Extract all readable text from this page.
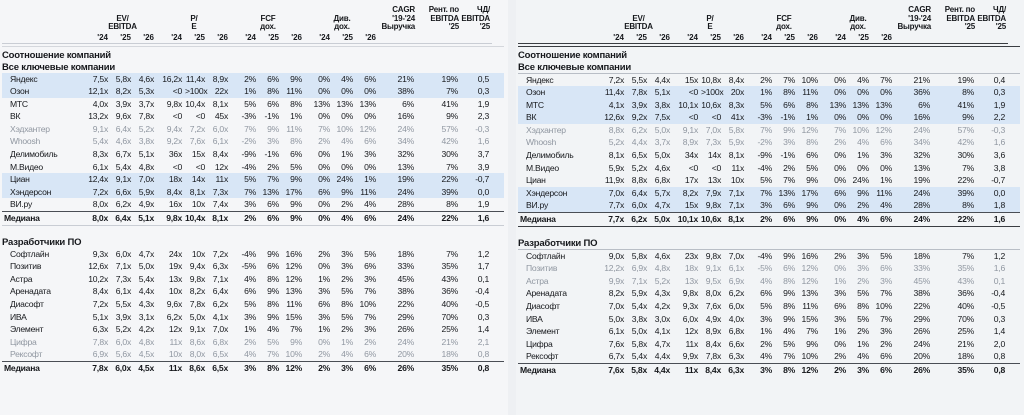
EV/
EBITDA
P/
E
FCF
дох.
Див.
дох.
CAGR
'19-'24
Выручка
Рент. по
EBITDA
'25
ЧД/
EBITDA
'25
'24	'25	'26	'24	'25	'26	'24	'25	'26	'24	'25	'26
Соотношение компаний
Все ключевые компании
Яндекс	7,5x 5,8x 4,6x 16,2x 11,4x 8,9x	2%	6%	9%	0%	4%	6%	21%	19%	0,5
Озон	12,1x 8,2x 5,3x	<0 >100x 22x	1%	8% 11%	0%	0%	0%	38%	7%	0,3
МТС	4,0x 3,9x 3,7x	9,8x 10,4x 8,1x	5%	6%	8%	13% 13% 13%	6%	41%	1,9
ВК	13,2x 9,6x 7,8x	<0	<0	45x	-3% -1%	1%	0%	0%	0%	16%	9%	2,3
Хэдхантер	9,1x 6,4x 5,2x	9,4x 7,2x 6,0x	7%	9% 11%	7% 10% 12%	24%	57%	-0,3
Whoosh	5,4x 4,6x 3,8x	9,2x 7,6x 6,1x	-2%	3%	8%	2%	4%	6%	34%	42%	1,6
Делимобиль	8,3x 6,7x 5,1x	36x	15x 8,4x	-9% -1%	6%	0%	1%	3%	32%	30%	3,7
М.Видео	6,1x 5,4x 4,8x	<0	<0	12x	-4%	2%	5%	0%	0%	0%	13%	7%	3,9
Циан	12,4x 9,1x 7,0x	18x	14x	11x	5%	7%	9%	0% 24%	1%	19%	22%	-0,7
Хэндерсон	7,2x 6,6x 5,9x	8,4x 8,1x 7,3x	7% 13% 17%	6%	9% 11%	24%	39%	0,0
ВИ.ру	8,0x 6,2x 4,9x	16x	10x 7,4x	3%	6%	9%	0%	2%	4%	28%	8%	1,9
Медиана	8,0x 6,4x 5,1x	9,8x 10,4x 8,1x	2%	6%	9%	0%	4%	6%	24%	22%	1,6
Разработчики ПО
Софтлайн	9,3x 6,0x 4,7x	24x	10x 7,2x	-4%	9% 16%	2%	3%	5%	18%	7%	1,2
Позитив	12,6x 7,1x 5,0x	19x 9,4x 6,3x	-5%	6% 12%	0%	3%	6%	33%	35%	1,7
Астра	10,2x 7,3x 5,4x	13x 9,8x 7,1x	4%	8% 12%	1%	2%	3%	45%	43%	0,1
Аренадата	8,4x 6,1x 4,4x	10x 8,2x 6,4x	6%	9% 13%	3%	5%	7%	38%	36%	-0,4
Диасофт	7,2x 5,5x 4,3x	9,6x 7,8x 6,2x	5%	8% 11%	6%	8% 10%	22%	40%	-0,5
ИВА	5,1x 3,9x 3,1x	6,2x 5,0x 4,1x	3%	9% 15%	3%	5%	7%	29%	70%	0,3
Элемент	6,3x 5,2x 4,2x	12x 9,1x 7,0x	1%	4%	7%	1%	2%	3%	26%	25%	1,4
Цифра	7,8x 6,0x 4,8x	11x 8,6x 6,8x	2%	5%	9%	0%	1%	2%	24%	21%	2,1
Рексофт	6,9x 5,6x 4,5x	10x 8,0x 6,5x	4%	7% 10%	2%	4%	6%	20%	18%	0,8
Медиана	7,8x 6,0x 4,5x	11x 8,6x 6,5x	3%	8% 12%	2%	3%	6%	26%	35%	0,8
EV/
EBITDA
P/
E
FCF
дох.
Див.
дох.
CAGR
'19-'24
Выручка
Рент. по
EBITDA
'25
ЧД/
EBITDA
'25
'24	'25	'26	'24	'25	'26	'24	'25	'26	'24	'25	'26
Соотношение компаний
Все ключевые компании
Яндекс	7,2x 5,5x 4,4x	15x 10,8x 8,4x	2%	7% 10%	0%	4%	7%	21%	19%	0,4
Озон	11,4x 7,8x 5,1x	<0 >100x 20x	1%	8% 11%	0%	0%	0%	36%	8%	0,3
МТС	4,1x 3,9x 3,8x 10,1x 10,6x 8,3x	5%	6%	8%	13% 13% 13%	6%	41%	1,9
ВК	12,6x 9,2x 7,5x	<0	<0	41x	-3% -1%	1%	0%	0%	0%	16%	9%	2,2
Хэдхантер	8,8x 6,2x 5,0x	9,1x 7,0x 5,8x	7%	9% 12%	7% 10% 12%	24%	57%	-0,3
Whoosh	5,2x 4,4x 3,7x	8,9x 7,3x 5,9x	-2%	3%	8%	2%	4%	6%	34%	42%	1,6
Делимобиль	8,1x 6,5x 5,0x	34x	14x 8,1x	-9% -1%	6%	0%	1%	3%	32%	30%	3,6
М.Видео	5,9x 5,2x 4,6x	<0	<0	11x	-4%	2%	5%	0%	0%	0%	13%	7%	3,8
Циан	11,9x 8,8x 6,8x	17x	13x	10x	5%	7%	9%	0% 24%	1%	19%	22%	-0,7
Хэндерсон	7,0x 6,4x 5,7x	8,2x 7,9x 7,1x	7% 13% 17%	6%	9% 11%	24%	39%	0,0
ВИ.ру	7,7x 6,0x 4,7x	15x 9,8x 7,1x	3%	6%	9%	0%	2%	4%	28%	8%	1,8
Медиана	7,7x 6,2x 5,0x 10,1x 10,6x 8,1x	2%	6%	9%	0%	4%	6%	24%	22%	1,6
Разработчики ПО
Софтлайн	9,0x 5,8x 4,6x	23x 9,8x 7,0x	-4%	9% 16%	2%	3%	5%	18%	7%	1,2
Позитив	12,2x 6,9x 4,8x	18x 9,1x 6,1x	-5%	6% 12%	0%	3%	6%	33%	35%	1,6
Астра	9,9x 7,1x 5,2x	13x 9,5x 6,9x	4%	8% 12%	1%	2%	3%	45%	43%	0,1
Аренадата	8,2x 5,9x 4,3x	9,8x 8,0x 6,2x	6%	9% 13%	3%	5%	7%	38%	36%	-0,4
Диасофт	7,0x 5,4x 4,2x	9,3x 7,6x 6,0x	5%	8% 11%	6%	8% 10%	22%	40%	-0,5
ИВА	5,0x 3,8x 3,0x	6,0x 4,9x 4,0x	3%	9% 15%	3%	5%	7%	29%	70%	0,3
Элемент	6,1x 5,0x 4,1x	12x 8,9x 6,8x	1%	4%	7%	1%	2%	3%	26%	25%	1,4
Цифра	7,6x 5,8x 4,7x	11x 8,4x 6,6x	2%	5%	9%	0%	1%	2%	24%	21%	2,0
Рексофт	6,7x 5,4x 4,4x	9,9x 7,8x 6,3x	4%	7% 10%	2%	4%	6%	20%	18%	0,8
Медиана	7,6x 5,8x 4,4x	11x 8,4x 6,3x	3%	8% 12%	2%	3%	6%	26%	35%	0,8
